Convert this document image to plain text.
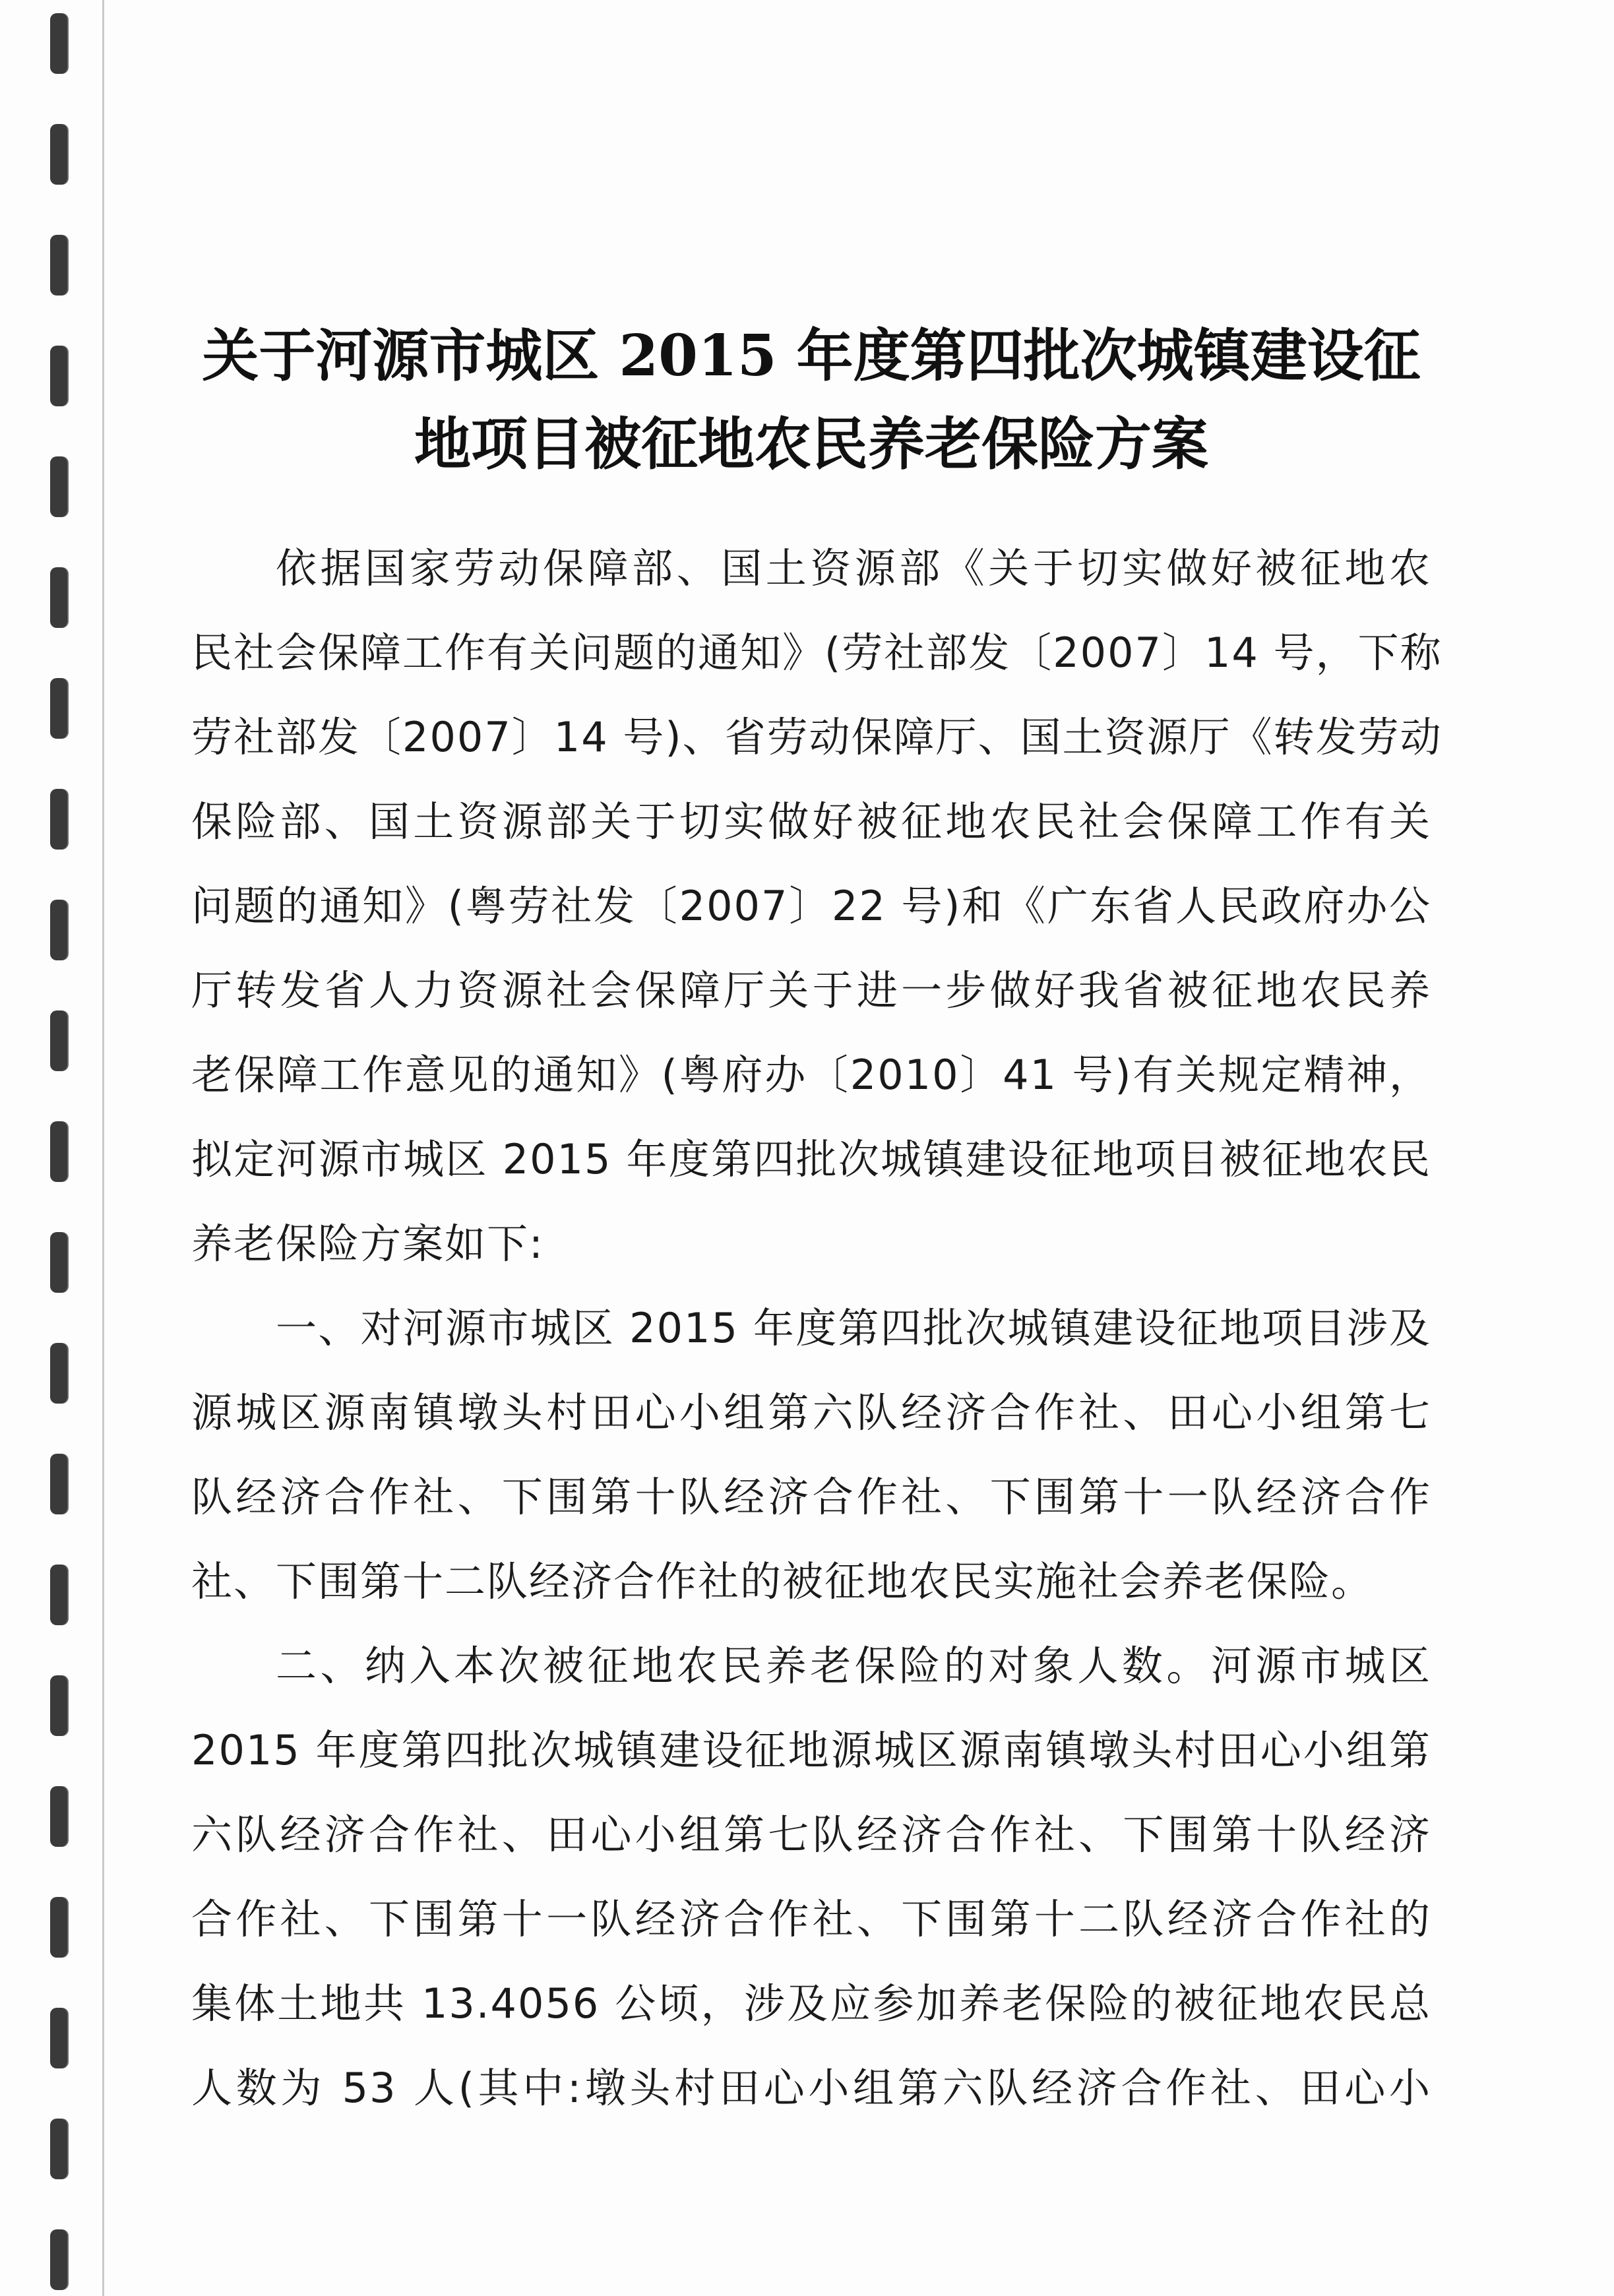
关于河源市城区 2015 年度第四批次城镇建设征
地项目被征地农民养老保险方案
依据国家劳动保障部、国土资源部《关于切实做好被征地农
民社会保障工作有关问题的通知》(劳社部发〔2007〕14 号，下称
劳社部发〔2007〕14 号)、省劳动保障厅、国土资源厅《转发劳动
保险部、国土资源部关于切实做好被征地农民社会保障工作有关
问题的通知》(粤劳社发〔2007〕22 号)和《广东省人民政府办公
厅转发省人力资源社会保障厅关于进一步做好我省被征地农民养
老保障工作意见的通知》(粤府办〔2010〕41 号)有关规定精神，
拟定河源市城区 2015 年度第四批次城镇建设征地项目被征地农民
养老保险方案如下:
一、对河源市城区 2015 年度第四批次城镇建设征地项目涉及
源城区源南镇墩头村田心小组第六队经济合作社、田心小组第七
队经济合作社、下围第十队经济合作社、下围第十一队经济合作
社、下围第十二队经济合作社的被征地农民实施社会养老保险。
二、纳入本次被征地农民养老保险的对象人数。河源市城区
2015 年度第四批次城镇建设征地源城区源南镇墩头村田心小组第
六队经济合作社、田心小组第七队经济合作社、下围第十队经济
合作社、下围第十一队经济合作社、下围第十二队经济合作社的
集体土地共 13.4056 公顷，涉及应参加养老保险的被征地农民总
人数为 53 人(其中:墩头村田心小组第六队经济合作社、田心小
